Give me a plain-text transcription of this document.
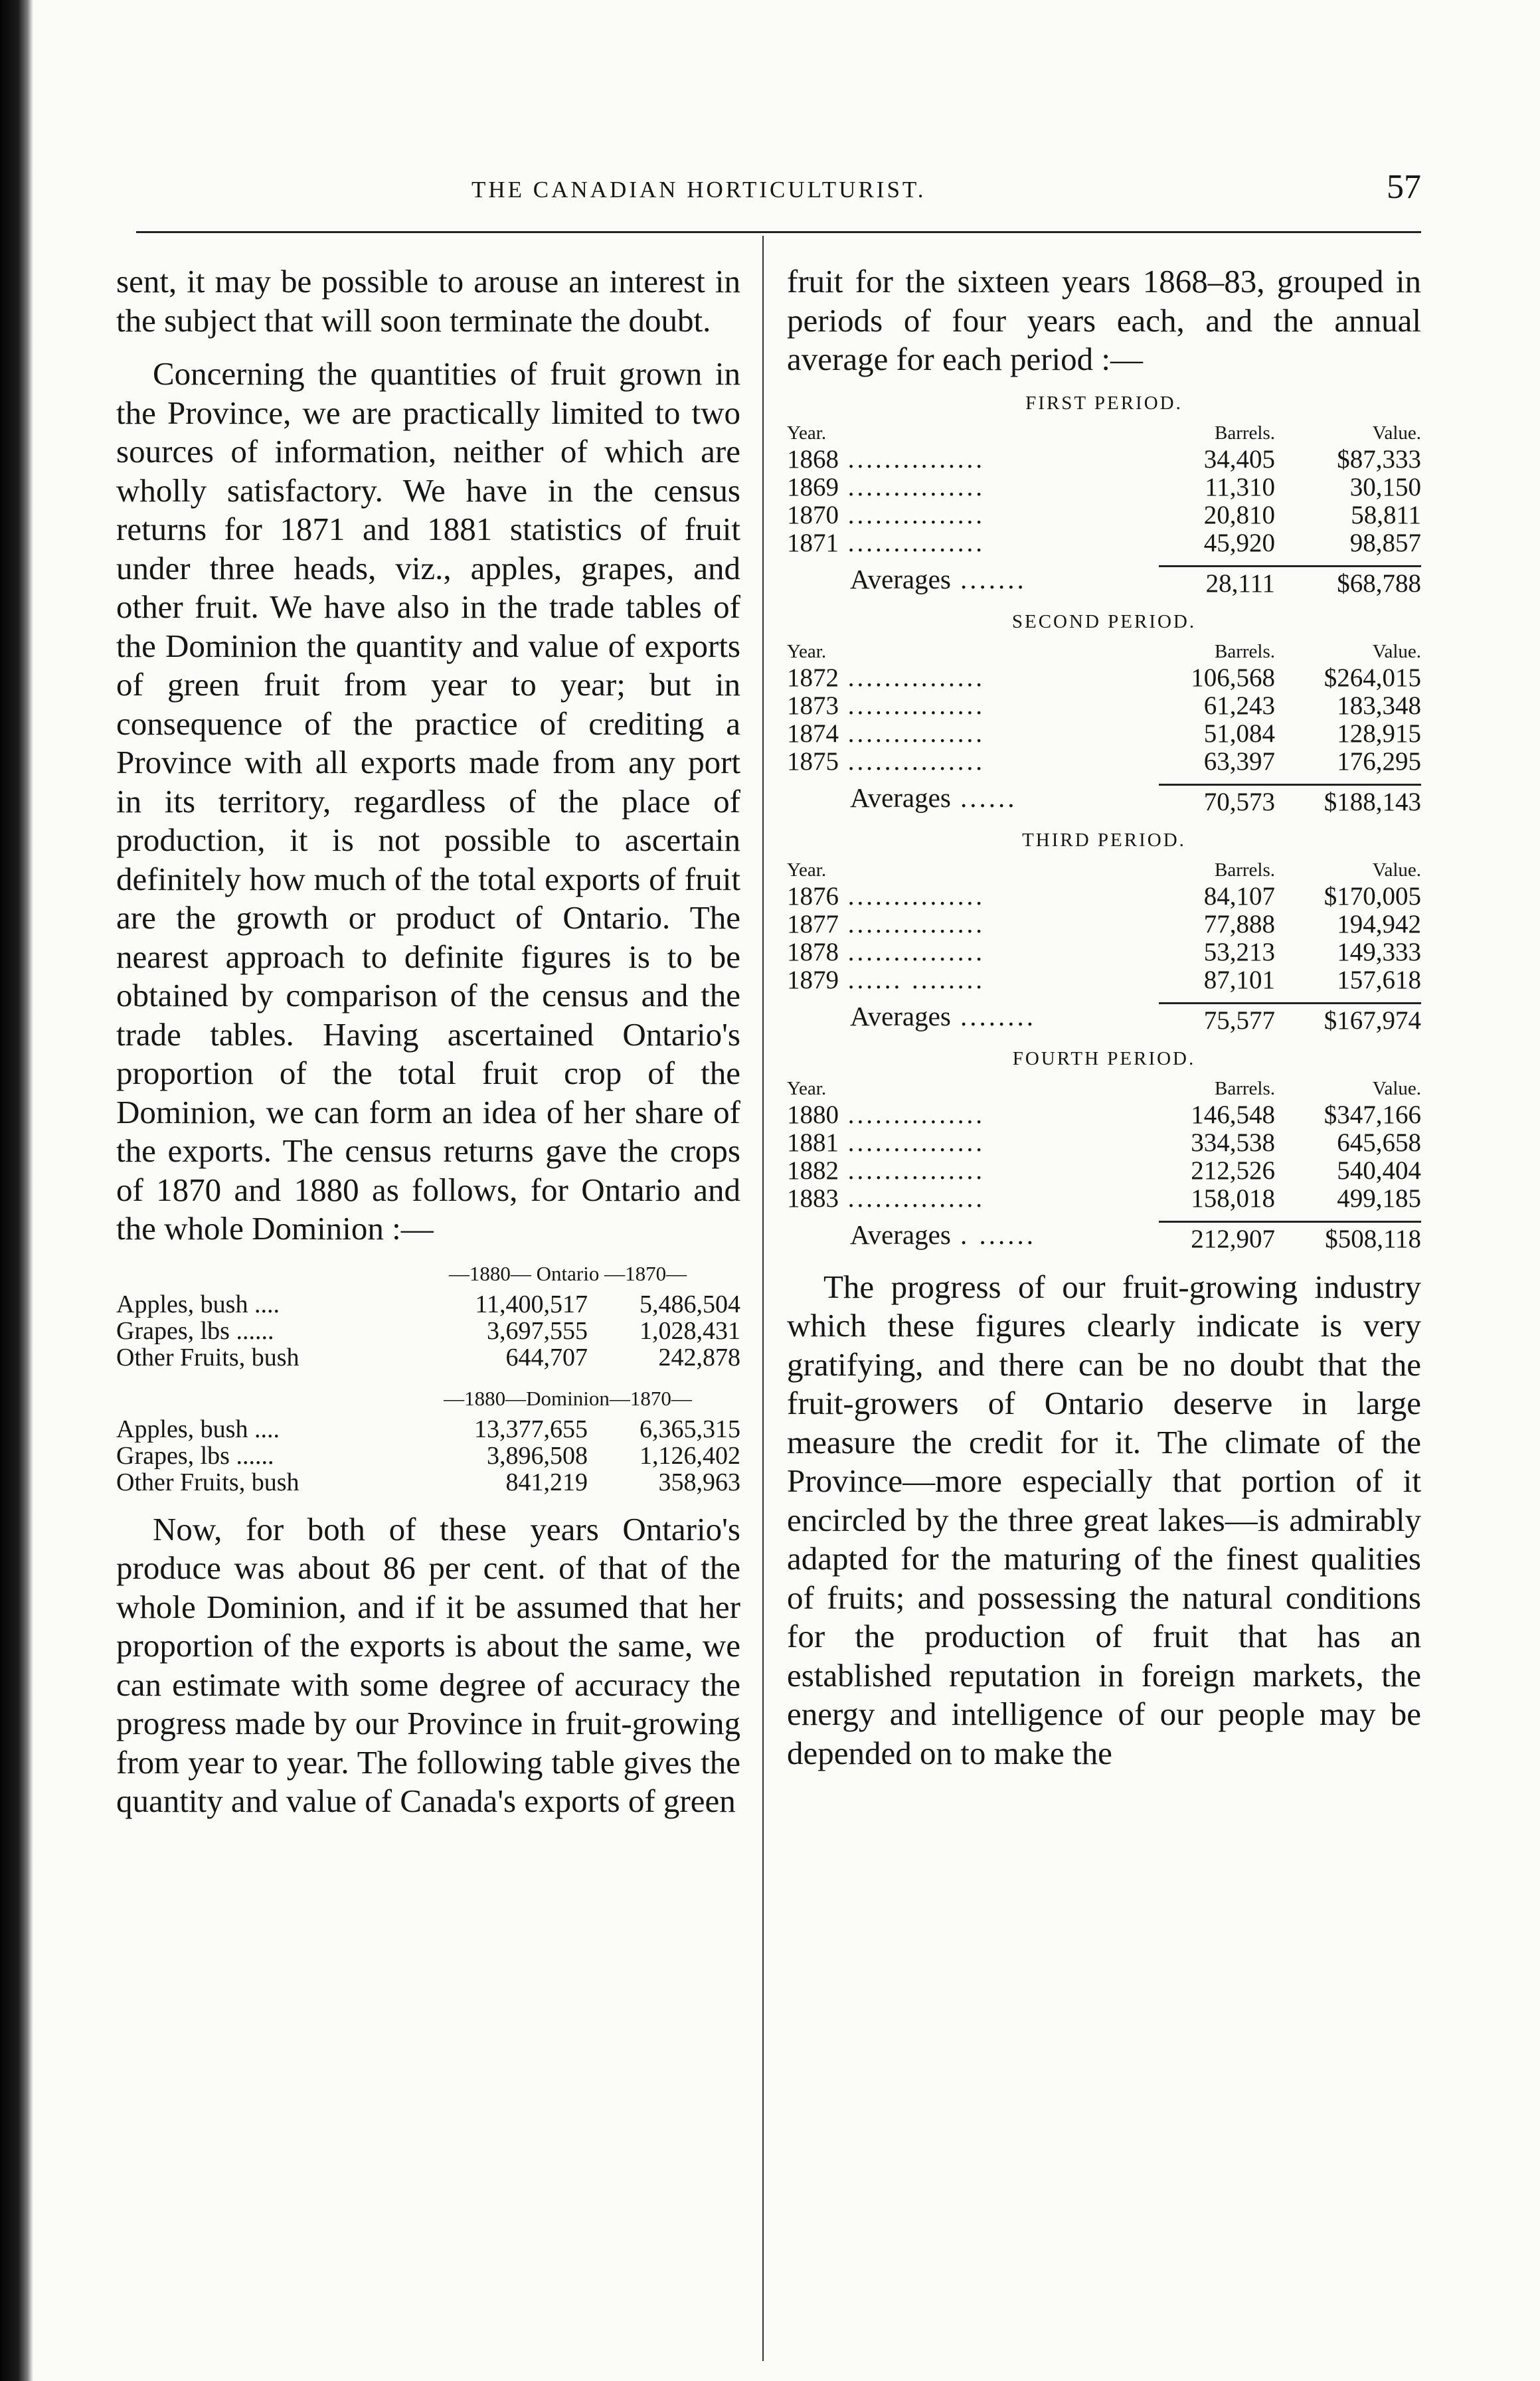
THE CANADIAN HORTICULTURIST.	57

sent, it may be possible to arouse an interest in the subject that will soon terminate the doubt.

Concerning the quantities of fruit grown in the Province, we are practically limited to two sources of information, neither of which are wholly satisfactory. We have in the census returns for 1871 and 1881 statistics of fruit under three heads, viz., apples, grapes, and other fruit. We have also in the trade tables of the Dominion the quantity and value of exports of green fruit from year to year; but in consequence of the practice of crediting a Province with all exports made from any port in its territory, regardless of the place of production, it is not possible to ascertain definitely how much of the total exports of fruit are the growth or product of Ontario. The nearest approach to definite figures is to be obtained by comparison of the census and the trade tables. Having ascertained Ontario's proportion of the total fruit crop of the Dominion, we can form an idea of her share of the exports. The census returns gave the crops of 1870 and 1880 as follows, for Ontario and the whole Dominion :—

—1880— Ontario —1870—
Apples, bush ....	11,400,517	5,486,504
Grapes, lbs ......	3,697,555	1,028,431
Other Fruits, bush	644,707	242,878
—1880—Dominion—1870—
Apples, bush ....	13,377,655	6,365,315
Grapes, lbs ......	3,896,508	1,126,402
Other Fruits, bush	841,219	358,963

Now, for both of these years Ontario's produce was about 86 per cent. of that of the whole Dominion, and if it be assumed that her proportion of the exports is about the same, we can estimate with some degree of accuracy the progress made by our Province in fruit-growing from year to year. The following table gives the quantity and value of Canada's exports of green

fruit for the sixteen years 1868–83, grouped in periods of four years each, and the annual average for each period :—

FIRST PERIOD.
Year.	Barrels.	Value.
1868 ...............	34,405	$87,333
1869 ...............	11,310	30,150
1870 ...............	20,810	58,811
1871 ...............	45,920	98,857
Averages .......	28,111	$68,788
SECOND PERIOD.
Year.	Barrels.	Value.
1872 ...............	106,568	$264,015
1873 ...............	61,243	183,348
1874 ...............	51,084	128,915
1875 ...............	63,397	176,295
Averages ......	70,573	$188,143
THIRD PERIOD.
Year.	Barrels.	Value.
1876 ...............	84,107	$170,005
1877 ...............	77,888	194,942
1878 ...............	53,213	149,333
1879 ...... ........	87,101	157,618
Averages ........	75,577	$167,974
FOURTH PERIOD.
Year.	Barrels.	Value.
1880 ...............	146,548	$347,166
1881 ...............	334,538	645,658
1882 ...............	212,526	540,404
1883 ...............	158,018	499,185
Averages . ......	212,907	$508,118

The progress of our fruit-growing industry which these figures clearly indicate is very gratifying, and there can be no doubt that the fruit-growers of Ontario deserve in large measure the credit for it. The climate of the Province—more especially that portion of it encircled by the three great lakes—is admirably adapted for the maturing of the finest qualities of fruits; and possessing the natural conditions for the production of fruit that has an established reputation in foreign markets, the energy and intelligence of our people may be depended on to make the
